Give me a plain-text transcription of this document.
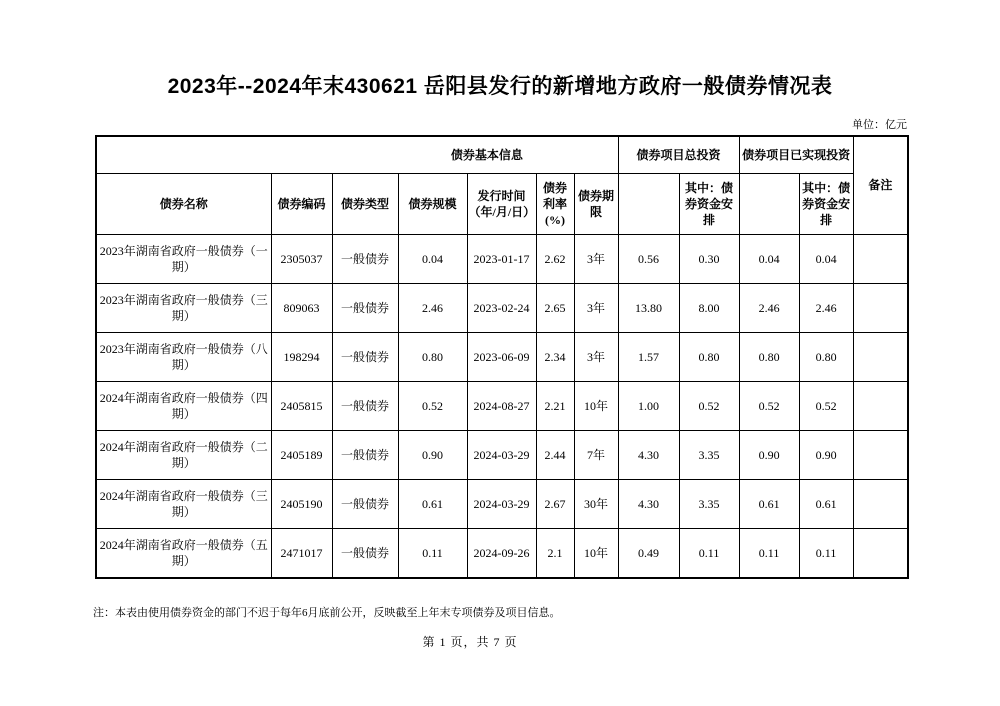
2023年--2024年末430621 岳阳县发行的新增地方政府一般债券情况表
单位：亿元
债券基本信息							债券项目总投资		债券项目已实现投资		备注
债券名称	债券编码	债券类型	债券规模	发行时间（年/月/日）	债券利率(%)	债券期限		其中：债券资金安排		其中：债券资金安排	
2023年湖南省政府一般债券（一期）	2305037	一般债券	0.04	2023-01-17	2.62	3年	0.56	0.30	0.04	0.04	
2023年湖南省政府一般债券（三期）	809063	一般债券	2.46	2023-02-24	2.65	3年	13.80	8.00	2.46	2.46	
2023年湖南省政府一般债券（八期）	198294	一般债券	0.80	2023-06-09	2.34	3年	1.57	0.80	0.80	0.80	
2024年湖南省政府一般债券（四期）	2405815	一般债券	0.52	2024-08-27	2.21	10年	1.00	0.52	0.52	0.52	
2024年湖南省政府一般债券（二期）	2405189	一般债券	0.90	2024-03-29	2.44	7年	4.30	3.35	0.90	0.90	
2024年湖南省政府一般债券（三期）	2405190	一般债券	0.61	2024-03-29	2.67	30年	4.30	3.35	0.61	0.61	
2024年湖南省政府一般债券（五期）	2471017	一般债券	0.11	2024-09-26	2.1	10年	0.49	0.11	0.11	0.11	
注：本表由使用债券资金的部门不迟于每年6月底前公开，反映截至上年末专项债券及项目信息。
第 1 页，共 7 页
